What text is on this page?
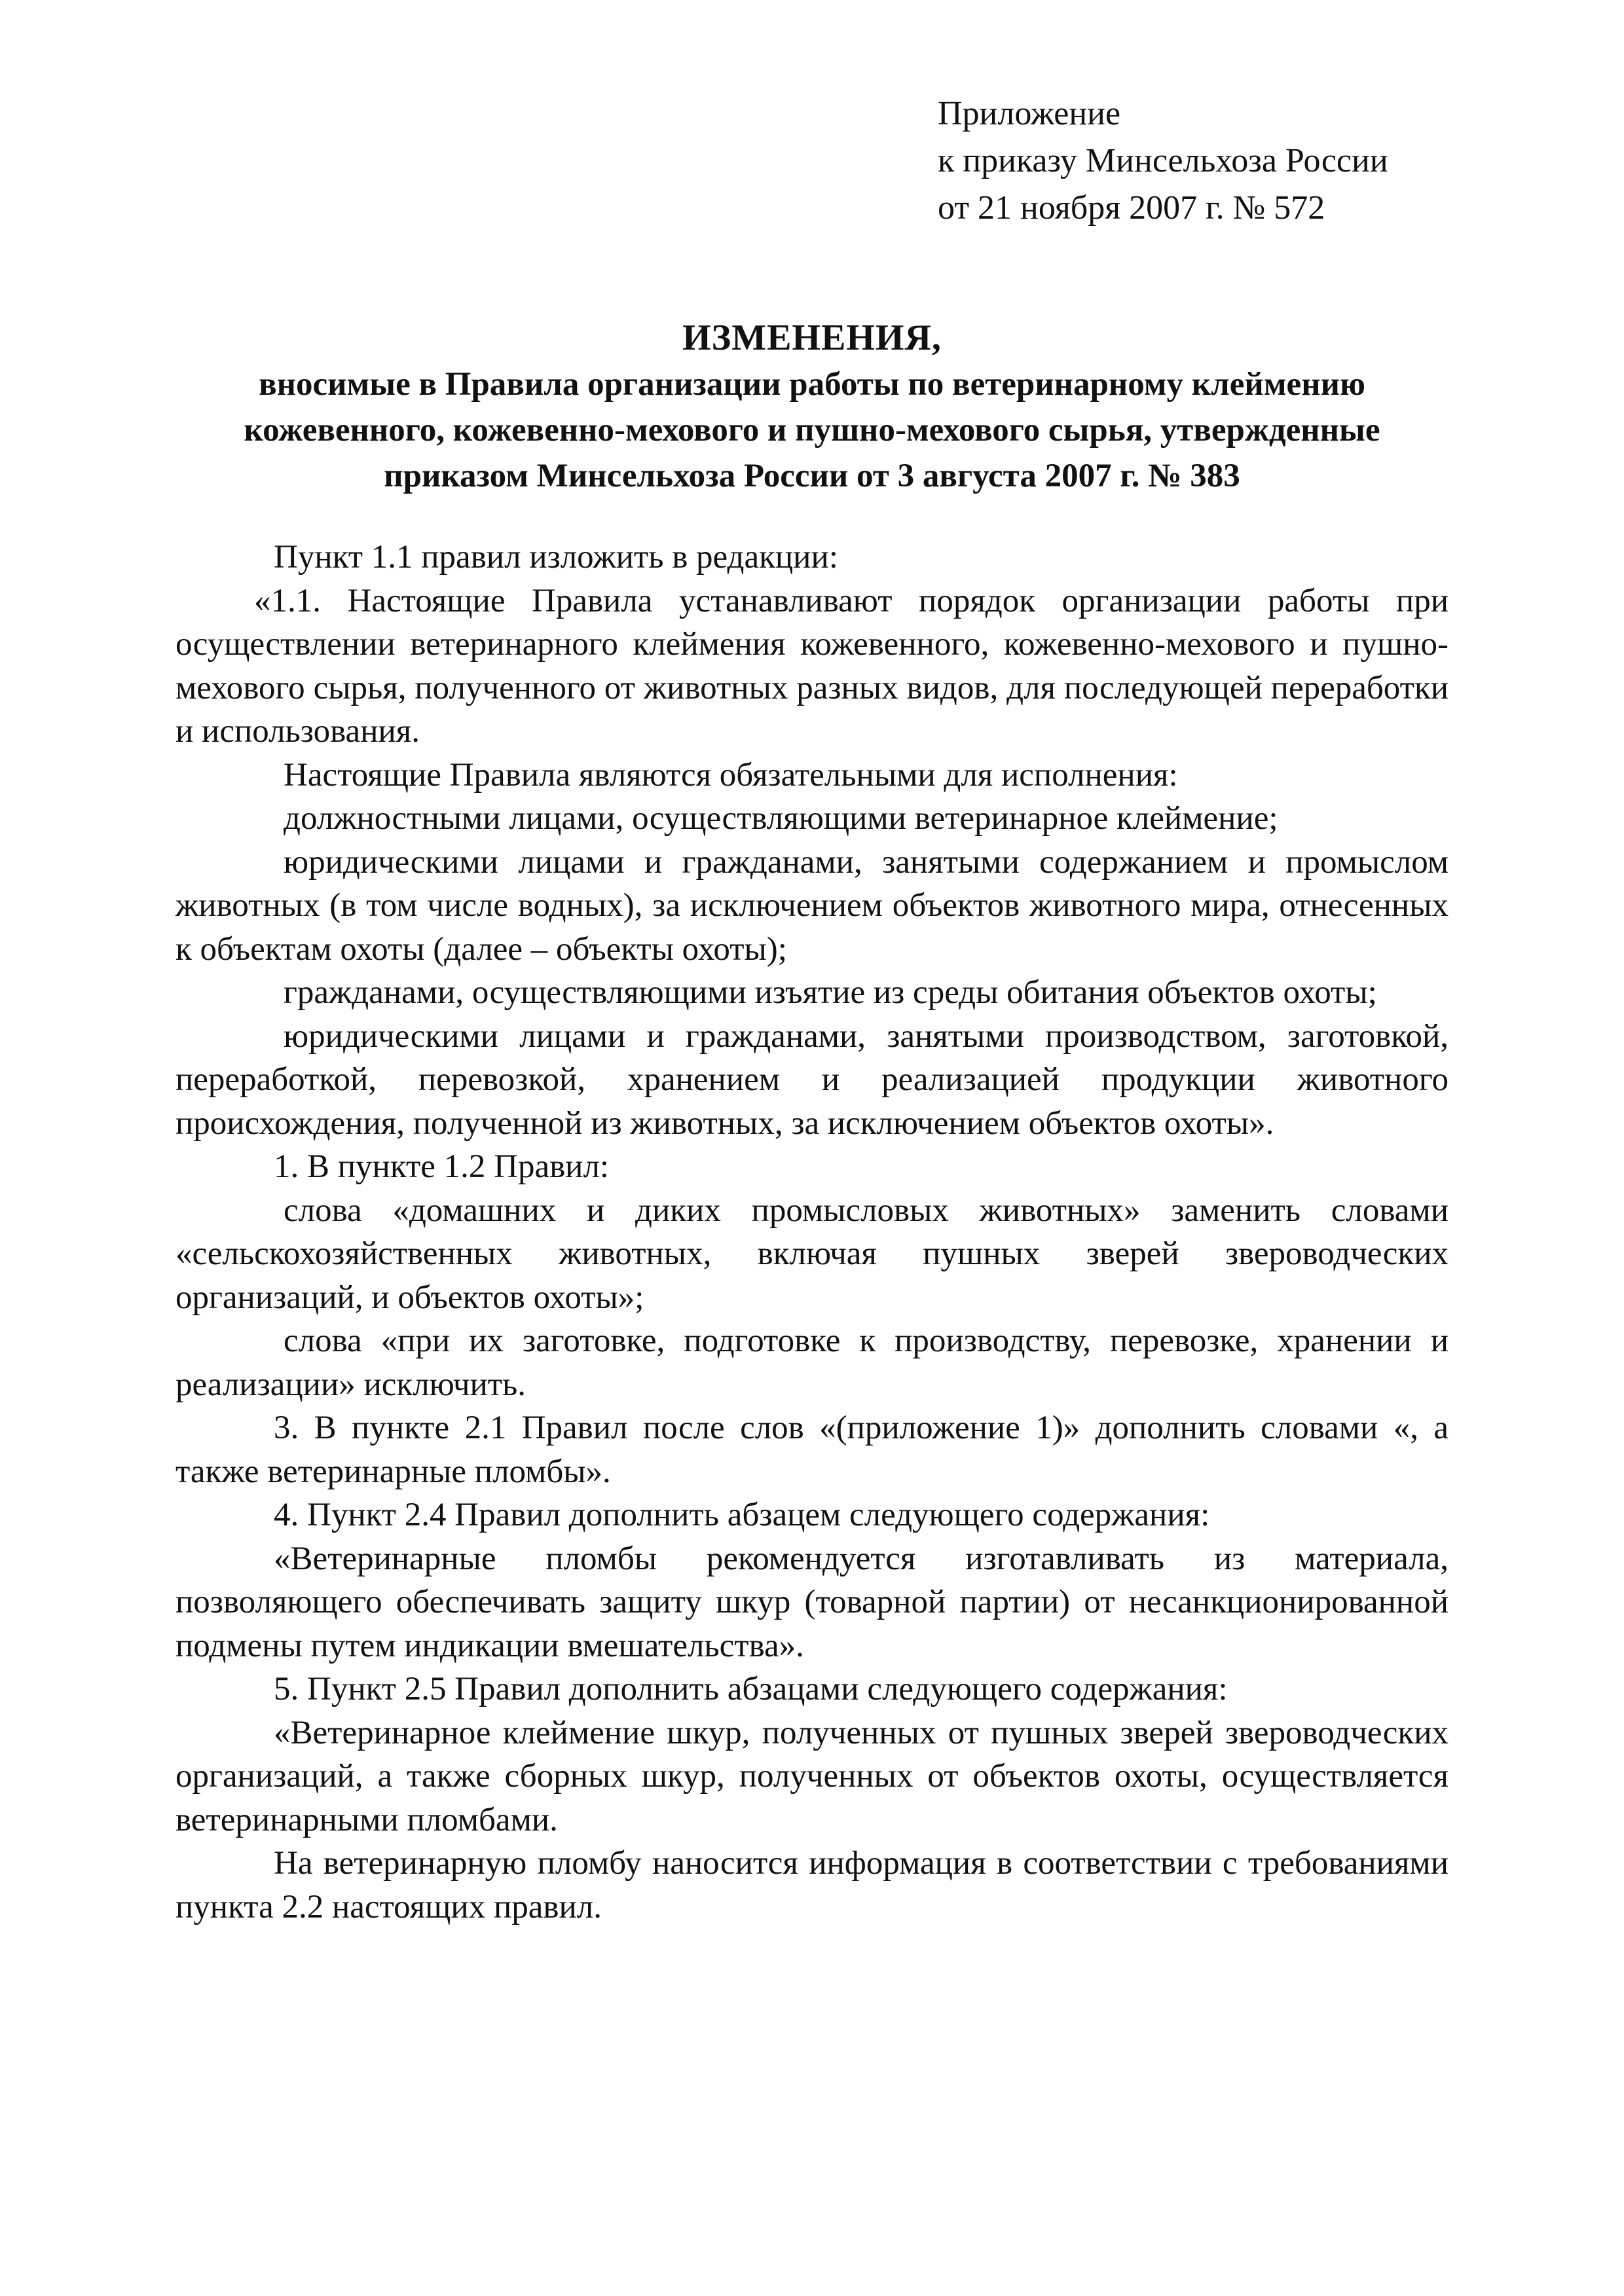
Приложение
к приказу Минсельхоза России
от 21 ноября 2007 г. № 572
ИЗМЕНЕНИЯ,
вносимые в Правила организации работы по ветеринарному клеймению кожевенного, кожевенно-мехового и пушно-мехового сырья, утвержденные приказом Минсельхоза России от 3 августа 2007 г. № 383

Пункт 1.1 правил изложить в редакции:

«1.1. Настоящие Правила устанавливают порядок организации работы при осуществлении ветеринарного клеймения кожевенного, кожевенно-мехового и пушно-мехового сырья, полученного от животных разных видов, для последующей переработки и использования.

Настоящие Правила являются обязательными для исполнения:

должностными лицами, осуществляющими ветеринарное клеймение;

юридическими лицами и гражданами, занятыми содержанием и промыслом животных (в том числе водных), за исключением объектов животного мира, отнесенных к объектам охоты (далее – объекты охоты);

гражданами, осуществляющими изъятие из среды обитания объектов охоты;

юридическими лицами и гражданами, занятыми производством, заготовкой, переработкой, перевозкой, хранением и реализацией продукции животного происхождения, полученной из животных, за исключением объектов охоты».

1. В пункте 1.2 Правил:

слова «домашних и диких промысловых животных» заменить словами «сельскохозяйственных животных, включая пушных зверей звероводческих организаций, и объектов охоты»;

слова «при их заготовке, подготовке к производству, перевозке, хранении и реализации» исключить.

3. В пункте 2.1 Правил после слов «(приложение 1)» дополнить словами «, а также ветеринарные пломбы».

4. Пункт 2.4 Правил дополнить абзацем следующего содержания:

«Ветеринарные пломбы рекомендуется изготавливать из материала, позволяющего обеспечивать защиту шкур (товарной партии) от несанкционированной подмены путем индикации вмешательства».

5. Пункт 2.5 Правил дополнить абзацами следующего содержания:

«Ветеринарное клеймение шкур, полученных от пушных зверей звероводческих организаций, а также сборных шкур, полученных от объектов охоты, осуществляется ветеринарными пломбами.

На ветеринарную пломбу наносится информация в соответствии с требованиями пункта 2.2 настоящих правил.
